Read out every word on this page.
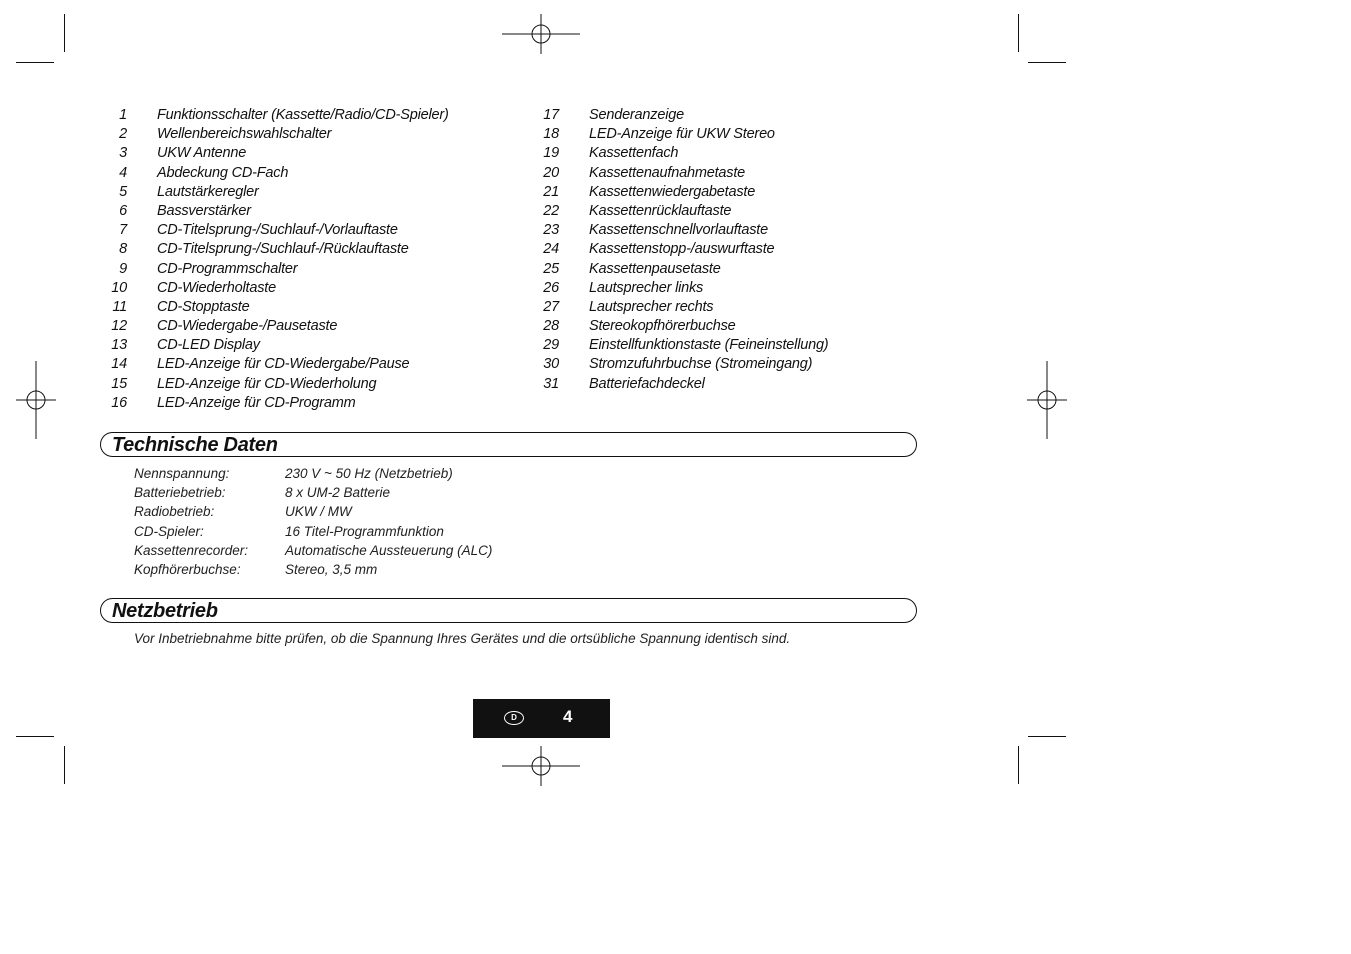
1 Funktionsschalter (Kassette/Radio/CD-Spieler)
2 Wellenbereichswahlschalter
3 UKW Antenne
4 Abdeckung CD-Fach
5 Lautstärkeregler
6 Bassverstärker
7 CD-Titelsprung-/Suchlauf-/Vorlauftaste
8 CD-Titelsprung-/Suchlauf-/Rücklauftaste
9 CD-Programmschalter
10 CD-Wiederholtaste
11 CD-Stopptaste
12 CD-Wiedergabe-/Pausetaste
13 CD-LED Display
14 LED-Anzeige für CD-Wiedergabe/Pause
15 LED-Anzeige für CD-Wiederholung
16 LED-Anzeige für CD-Programm
17 Senderanzeige
18 LED-Anzeige für UKW Stereo
19 Kassettenfach
20 Kassettenaufnahmetaste
21 Kassettenwiedergabetaste
22 Kassettenrücklauftaste
23 Kassettenschnellvorlauftaste
24 Kassettenstopp-/auswurftaste
25 Kassettenpausetaste
26 Lautsprecher links
27 Lautsprecher rechts
28 Stereokopfhörerbuchse
29 Einstellfunktionstaste (Feineinstellung)
30 Stromzufuhrbuchse (Stromeingang)
31 Batteriefachdeckel
Technische Daten
Nennspannung:	230 V ~ 50 Hz (Netzbetrieb)
Batteriebetrieb:	8 x UM-2 Batterie
Radiobetrieb:	UKW / MW
CD-Spieler:	16 Titel-Programmfunktion
Kassettenrecorder:	Automatische Aussteuerung (ALC)
Kopfhörerbuchse:	Stereo, 3,5 mm
Netzbetrieb
Vor Inbetriebnahme bitte prüfen, ob die Spannung Ihres Gerätes und die ortsübliche Spannung identisch sind.
D	4
